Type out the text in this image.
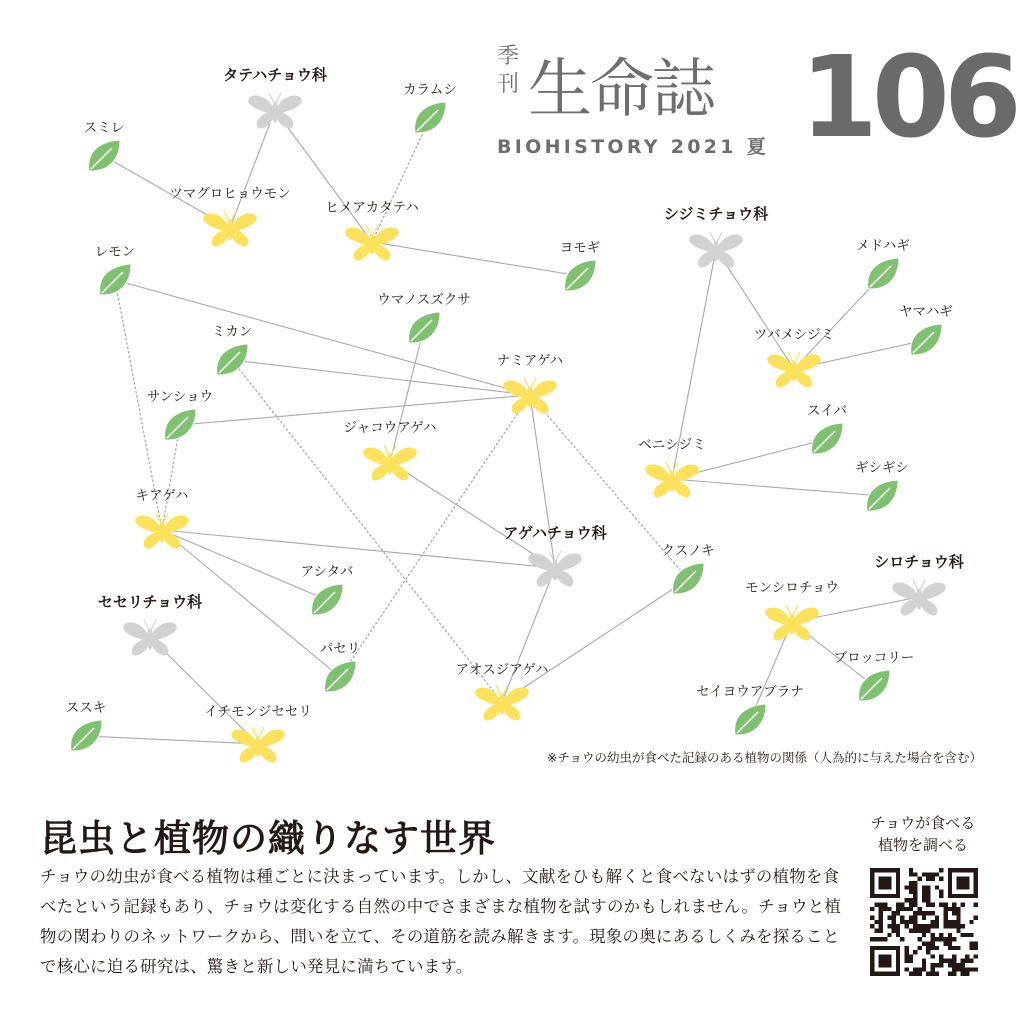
スミレ
カラムシ
ヨモギ
レモン
ウマノスズクサ
ミカン
サンショウ
アシタバ
パセリ
ススキ
クスノキ
メドハギ
ヤマハギ
スイバ
ギシギシ
ブロッコリー
セイヨウアブラナ
タテハチョウ科
シジミチョウ科
アゲハチョウ科
セセリチョウ科
シロチョウ科
ツマグロヒョウモン
ヒメアカタテハ
ツバメシジミ
ベニシジミ
ナミアゲハ
ジャコウアゲハ
キアゲハ
アオスジアゲハ
イチモンジセセリ
モンシロチョウ
※チョウの幼虫が食べた記録のある植物の関係（人為的に与えた場合を含む）
季
刊 生命誌
BIOHISTORY 2021 夏 106
昆虫と植物の織りなす世界
チョウの幼虫が食べる植物は種ごとに決まっています。しかし、文献をひも解くと食べないはずの植物を食べたという記録もあり、チョウは変化する自然の中でさまざまな植物を試すのかもしれません。チョウと植物の関わりのネットワークから、問いを立て、その道筋を読み解きます。現象の奥にあるしくみを探ることで核心に迫る研究は、驚きと新しい発見に満ちています。
チョウが食べる
植物を調べる
